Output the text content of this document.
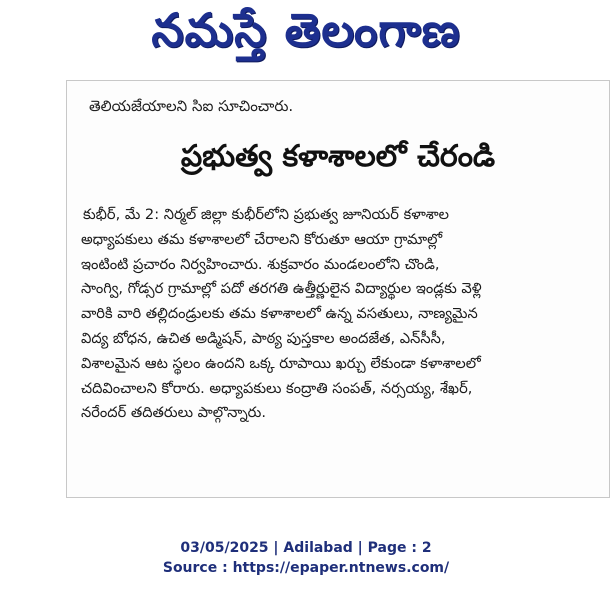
నమస్తే తెలంగాణ
తెలియజేయాలని సిఐ సూచించారు.
ప్రభుత్వ కళాశాలలో చేరండి
కుభీర్, మే 2: నిర్మల్ జిల్లా కుభీర్‌లోని ప్రభుత్వ జూనియర్ కళాశాల
అధ్యాపకులు తమ కళాశాలలో చేరాలని కోరుతూ ఆయా గ్రామాల్లో
ఇంటింటి ప్రచారం నిర్వహించారు. శుక్రవారం మండలంలోని చొండి,
సాంగ్వి, గోడ్సర గ్రామాల్లో పదో తరగతి ఉత్తీర్ణులైన విద్యార్థుల ఇండ్లకు వెళ్లి
వారికి వారి తల్లిదండ్రులకు తమ కళాశాలలో ఉన్న వసతులు, నాణ్యమైన
విద్య బోధన, ఉచిత అడ్మిషన్, పాఠ్య పుస్తకాల అందజేత, ఎన్‌సీసీ,
విశాలమైన ఆట స్థలం ఉందని ఒక్క రూపాయి ఖర్చు లేకుండా కళాశాలలో
చదివించాలని కోరారు. అధ్యాపకులు కంద్రాతి సంపత్, నర్సయ్య, శేఖర్,
నరేందర్ తదితరులు పాల్గొన్నారు.
03/05/2025 | Adilabad | Page : 2
Source : https://epaper.ntnews.com/
